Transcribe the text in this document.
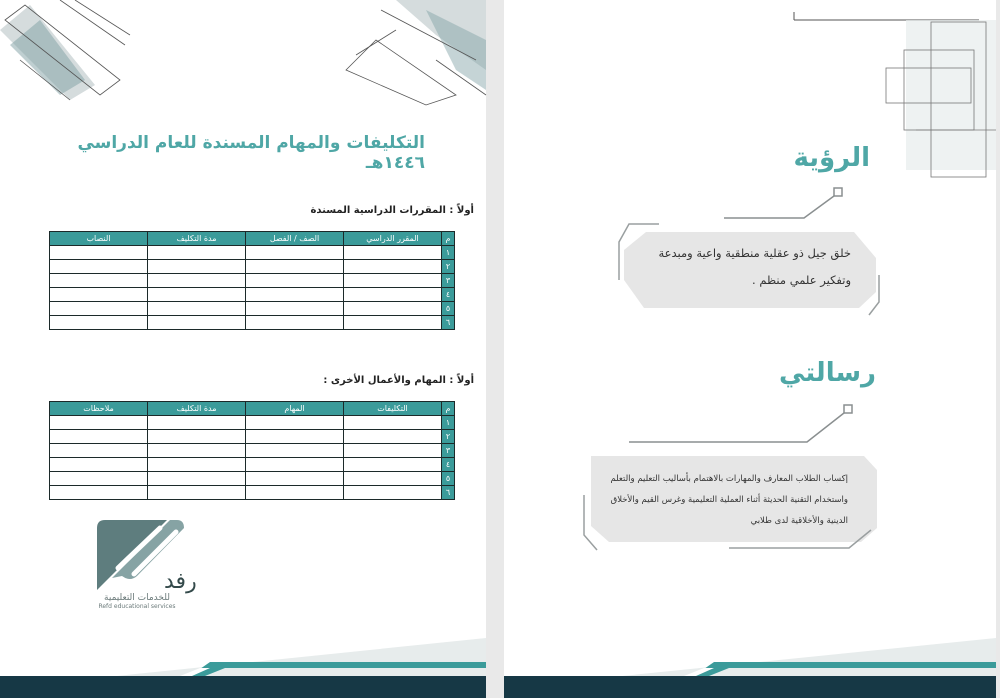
التكليفات والمهام المسندة للعام الدراسي ١٤٤٦هـ
أولاً : المقررات الدراسية المسندة
م	المقرر الدراسي	الصف / الفصل	مدة التكليف	النصاب
١				
٢				
٣				
٤				
٥				
٦				
أولاً : المهام والأعمال الأخرى :
م	التكليفات	المهام	مدة التكليف	ملاحظات
١				
٢				
٣				
٤				
٥				
٦				
رفد
للخدمات التعليمية
Refd educational services
الرؤية
خلق جيل ذو عقلية منطقية واعية ومبدعة وتفكير علمي منظم .
رسالتي
إكساب الطلاب المعارف والمهارات بالاهتمام بأساليب التعليم والتعلم واستخدام التقنية الحديثة أثناء العملية التعليمية وغرس القيم والأخلاق الدينية والأخلاقية لدى طلابي
